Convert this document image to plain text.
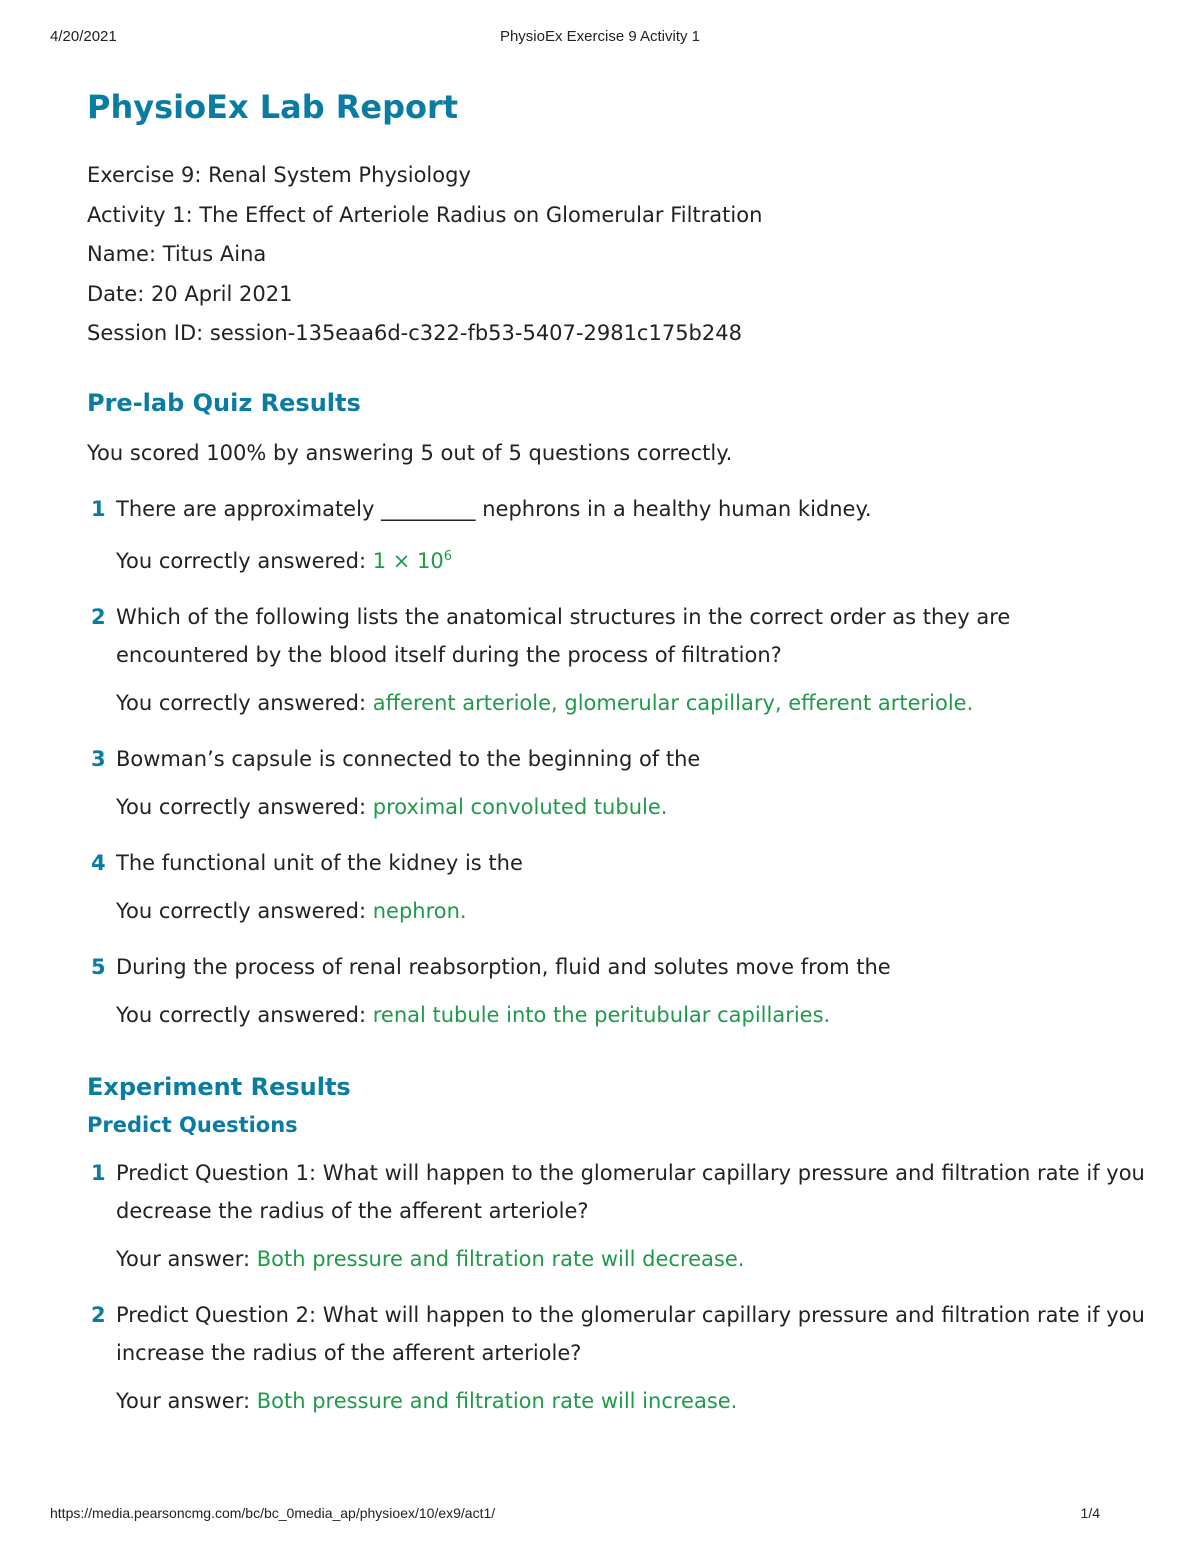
4/20/2021	PhysioEx Exercise 9 Activity 1
PhysioEx Lab Report
Exercise 9: Renal System Physiology
Activity 1: The Effect of Arteriole Radius on Glomerular Filtration
Name: Titus Aina
Date: 20 April 2021
Session ID: session-135eaa6d-c322-fb53-5407-2981c175b248
Pre-lab Quiz Results
You scored 100% by answering 5 out of 5 questions correctly.
1 There are approximately _________ nephrons in a healthy human kidney.
You correctly answered: $1 \times 10^6$
2 Which of the following lists the anatomical structures in the correct order as they are encountered by the blood itself during the process of filtration?
You correctly answered: afferent arteriole, glomerular capillary, efferent arteriole.
3 Bowman’s capsule is connected to the beginning of the
You correctly answered: proximal convoluted tubule.
4 The functional unit of the kidney is the
You correctly answered: nephron.
5 During the process of renal reabsorption, fluid and solutes move from the
You correctly answered: renal tubule into the peritubular capillaries.
Experiment Results
Predict Questions
1 Predict Question 1: What will happen to the glomerular capillary pressure and filtration rate if you decrease the radius of the afferent arteriole?
Your answer: Both pressure and filtration rate will decrease.
2 Predict Question 2: What will happen to the glomerular capillary pressure and filtration rate if you increase the radius of the afferent arteriole?
Your answer: Both pressure and filtration rate will increase.
https://media.pearsoncmg.com/bc/bc_0media_ap/physioex/10/ex9/act1/	1/4
